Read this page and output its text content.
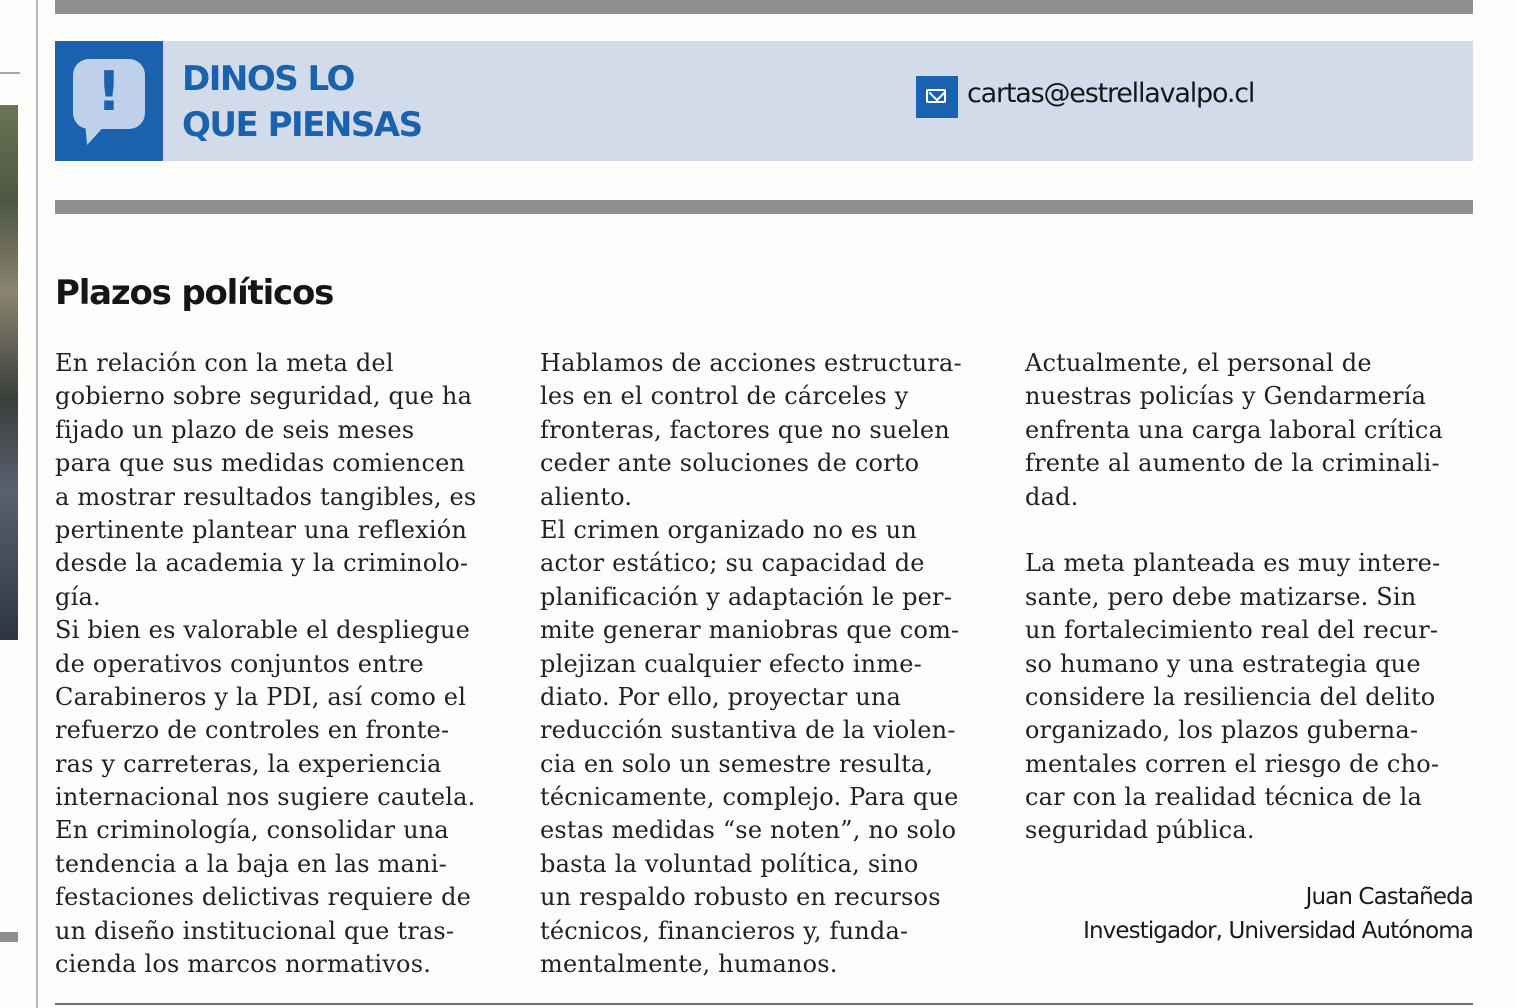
!	DINOS LO
QUE PIENSAS
cartas@estrellavalpo.cl
Plazos políticos
En relación con la meta del
gobierno sobre seguridad, que ha
fijado un plazo de seis meses
para que sus medidas comiencen
a mostrar resultados tangibles, es
pertinente plantear una reflexión
desde la academia y la criminolo-
gía.
Si bien es valorable el despliegue
de operativos conjuntos entre
Carabineros y la PDI, así como el
refuerzo de controles en fronte-
ras y carreteras, la experiencia
internacional nos sugiere cautela.
En criminología, consolidar una
tendencia a la baja en las mani-
festaciones delictivas requiere de
un diseño institucional que tras-
cienda los marcos normativos.
Hablamos de acciones estructura-
les en el control de cárceles y
fronteras, factores que no suelen
ceder ante soluciones de corto
aliento.
El crimen organizado no es un
actor estático; su capacidad de
planificación y adaptación le per-
mite generar maniobras que com-
plejizan cualquier efecto inme-
diato. Por ello, proyectar una
reducción sustantiva de la violen-
cia en solo un semestre resulta,
técnicamente, complejo. Para que
estas medidas “se noten”, no solo
basta la voluntad política, sino
un respaldo robusto en recursos
técnicos, financieros y, funda-
mentalmente, humanos.
Actualmente, el personal de
nuestras policías y Gendarmería
enfrenta una carga laboral crítica
frente al aumento de la criminali-
dad.
La meta planteada es muy intere-
sante, pero debe matizarse. Sin
un fortalecimiento real del recur-
so humano y una estrategia que
considere la resiliencia del delito
organizado, los plazos guberna-
mentales corren el riesgo de cho-
car con la realidad técnica de la
seguridad pública.
Juan Castañeda
Investigador, Universidad Autónoma
